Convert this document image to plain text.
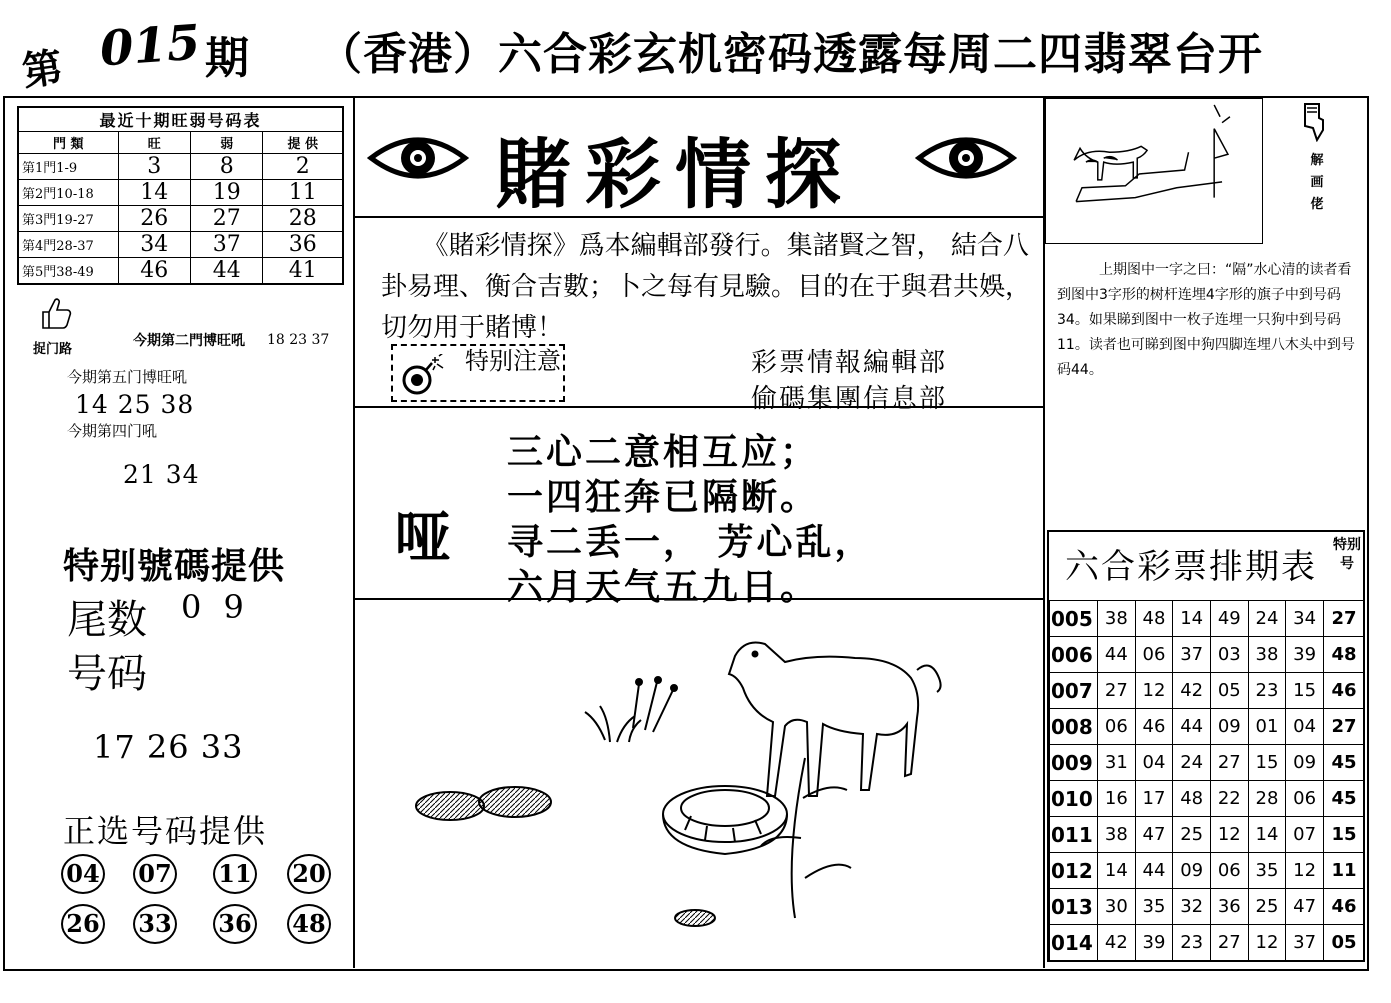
第 015 期 （香港）六合彩玄机密码透露每周二四翡翠台开
最近十期旺弱号码表			
門 類	旺	弱	提 供
第1門1-9	3	8	2
第2門10-18	14	19	11
第3門19-27	26	27	28
第4門28-37	34	37	36
第5門38-49	46	44	41
捉门路
今期第二門博旺吼 18 23 37
今期第五门博旺吼
14 25 38
今期第四门吼
21 34
特别號碼提供
尾数 0 9
号码
17 26 33
正选号码提供
04 07 11 20
26 33 36 48
賭彩情探

《賭彩情探》爲本編輯部發行。集諸賢之智， 結合八卦易理、衡合吉數；卜之每有見驗。目的在于與君共娛，切勿用于賭博！

特别注意	彩票情報編輯部
偷碼集團信息部
哑
三心二意相互应；
一四狂奔已隔断。
寻二丢一， 芳心乱，
六月天气五九日。
解画佬

上期图中一字之曰：“隔”水心清的读者看到图中3字形的树杆连埋4字形的旗子中到号码34。如果睇到图中一枚子连埋一只狗中到号码11。读者也可睇到图中狗四脚连埋八木头中到号码44。

六合彩票排期表
特别号
005	38	48	14	49	24	34	27
006	44	06	37	03	38	39	48
007	27	12	42	05	23	15	46
008	06	46	44	09	01	04	27
009	31	04	24	27	15	09	45
010	16	17	48	22	28	06	45
011	38	47	25	12	14	07	15
012	14	44	09	06	35	12	11
013	30	35	32	36	25	47	46
014	42	39	23	27	12	37	05
